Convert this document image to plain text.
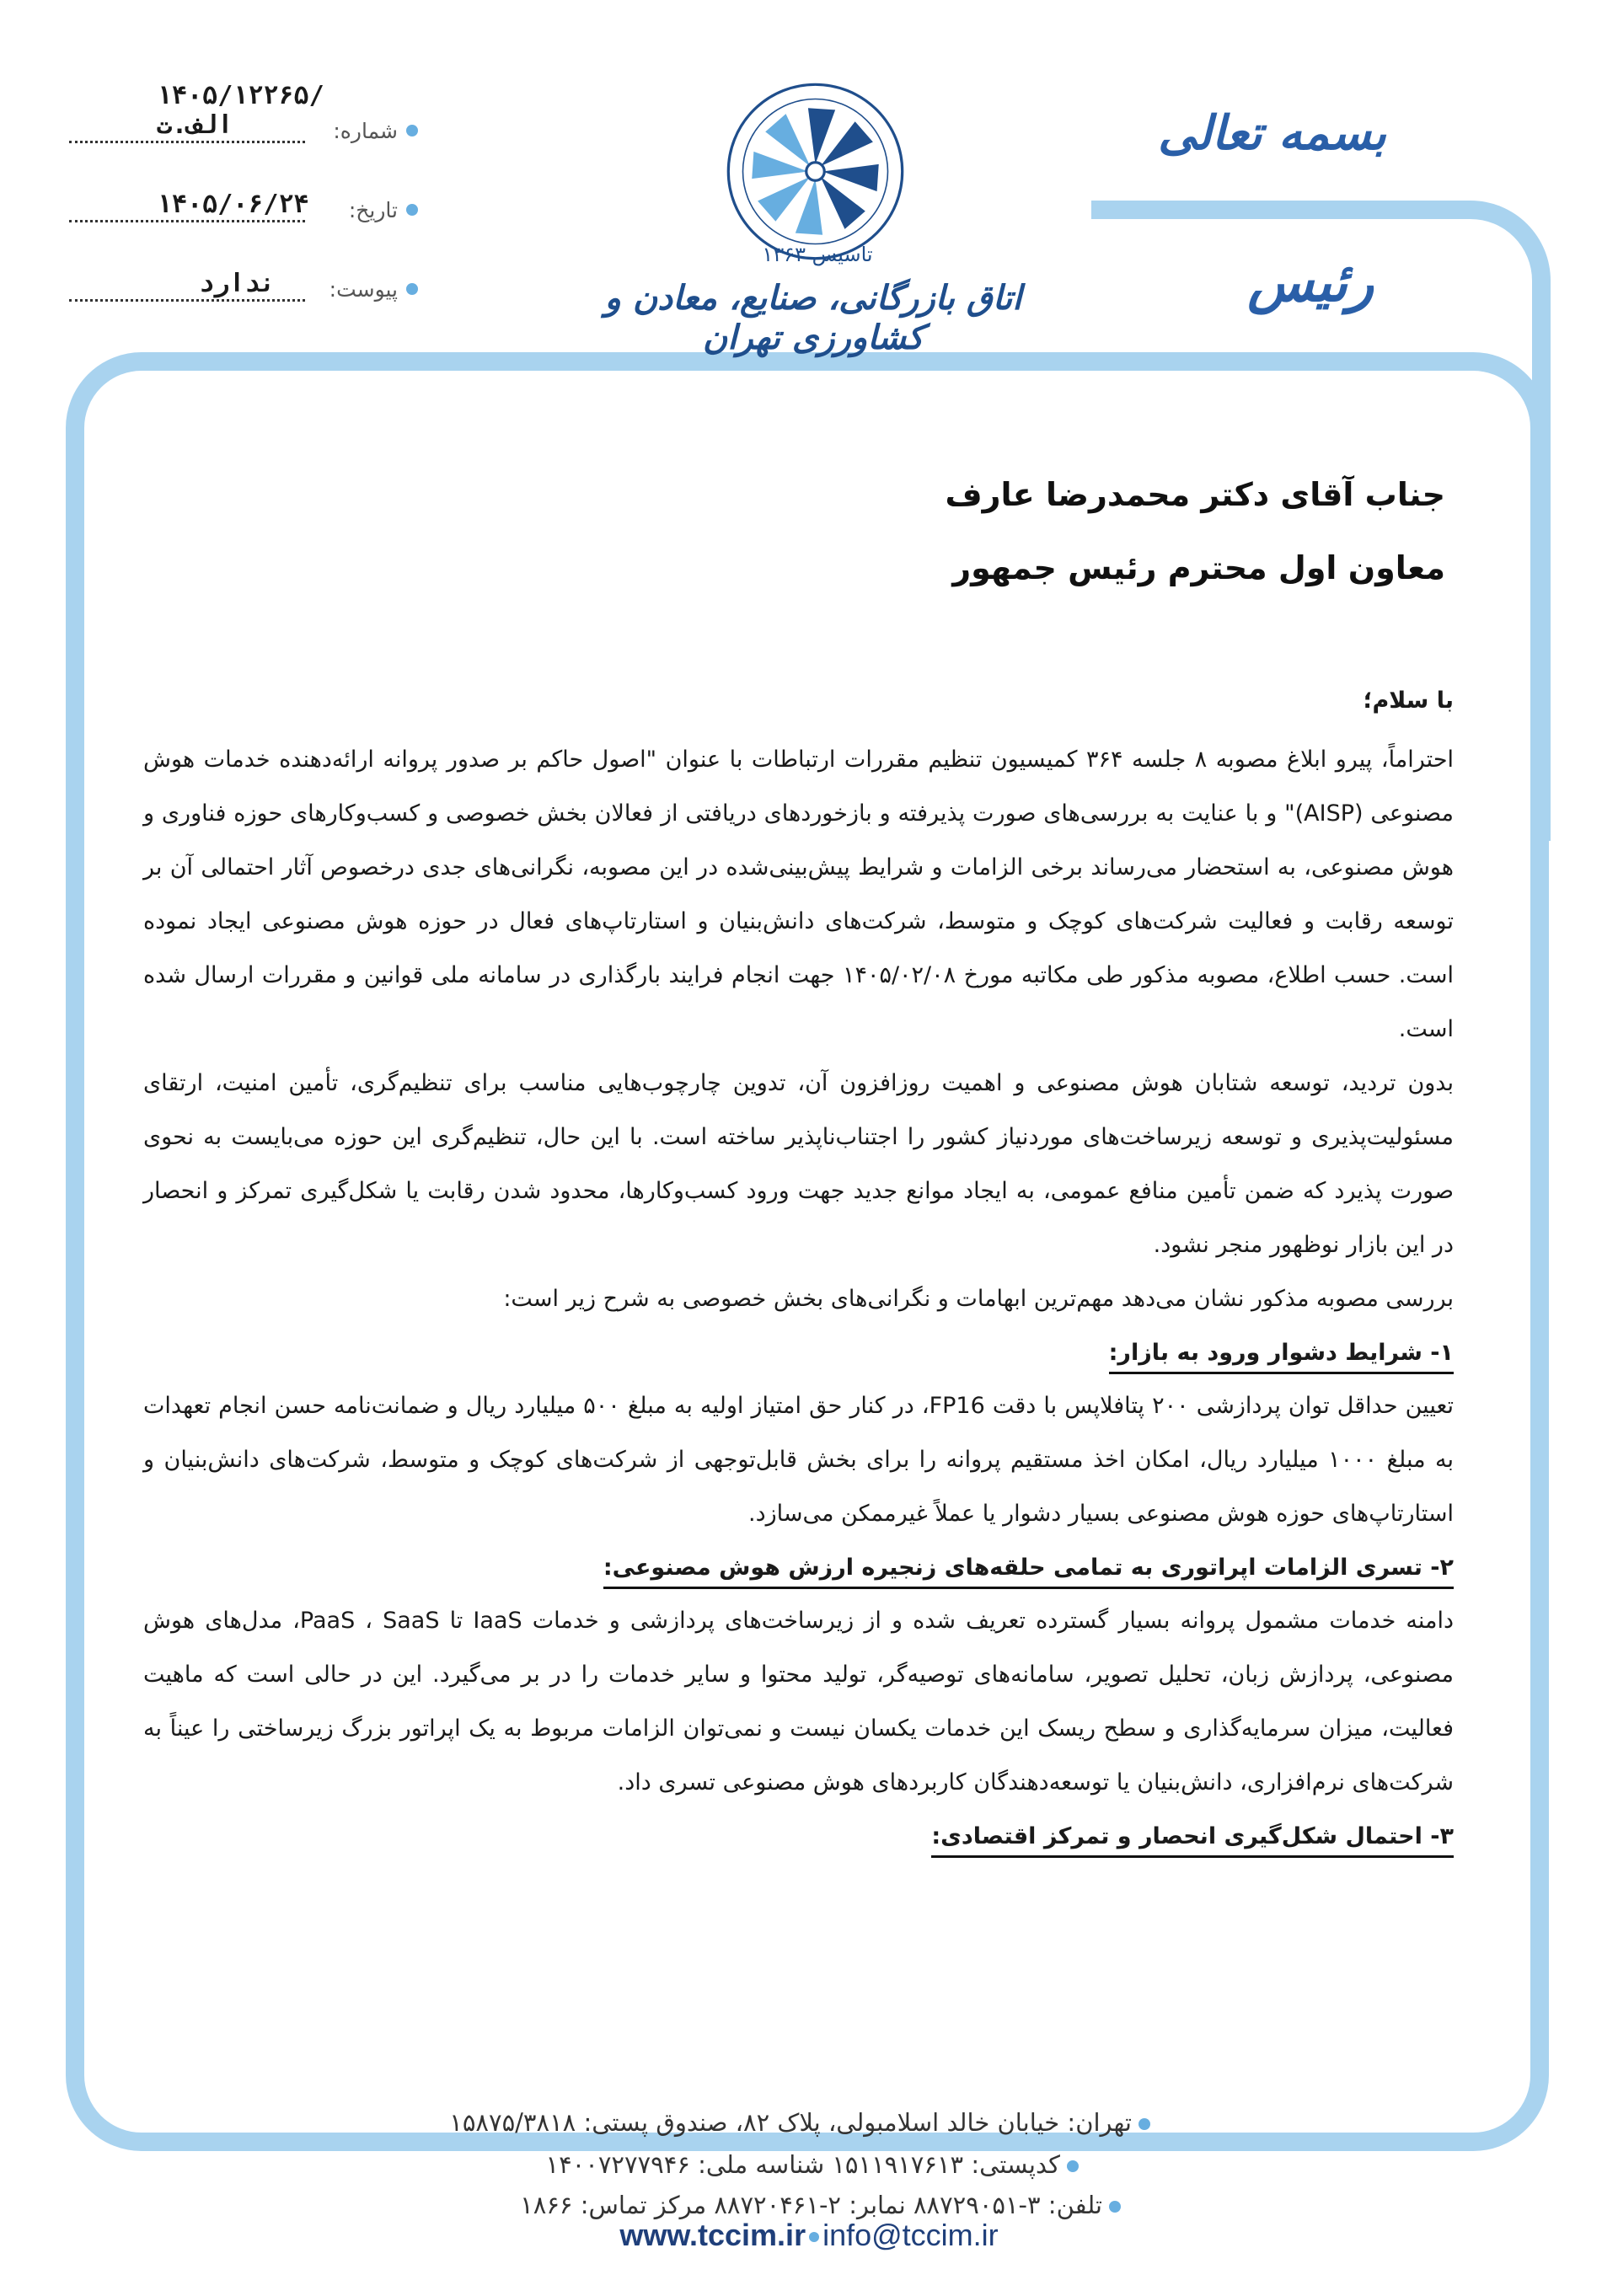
۱۴۰۵/۱۲۲۶۵/الف.ت	شماره:
۱۴۰۵/۰۶/۲۴ تاریخ:
ندارد	پیوست:
تاسیس ۱۳۶۳
اتاق بازرگانی، صنایع، معادن و کشاورزی تهران
بسمه تعالی
رئیس
جناب آقای دکتر محمدرضا عارف
معاون اول محترم رئیس جمهور

با سلام؛

احتراماً، پیرو ابلاغ مصوبه ۸ جلسه ۳۶۴ کمیسیون تنظیم مقررات ارتباطات با عنوان "اصول حاکم بر صدور پروانه ارائه‌دهنده خدمات هوش مصنوعی (AISP)" و با عنایت به بررسی‌های صورت پذیرفته و بازخوردهای دریافتی از فعالان بخش خصوصی و کسب‌وکارهای حوزه فناوری و هوش مصنوعی، به استحضار می‌رساند برخی الزامات و شرایط پیش‌بینی‌شده در این مصوبه، نگرانی‌های جدی درخصوص آثار احتمالی آن بر توسعه رقابت و فعالیت شرکت‌های کوچک و متوسط، شرکت‌های دانش‌بنیان و استارتاپ‌های فعال در حوزه هوش مصنوعی ایجاد نموده است. حسب اطلاع، مصوبه مذکور طی مکاتبه مورخ ۱۴۰۵/۰۲/۰۸ جهت انجام فرایند بارگذاری در سامانه ملی قوانین و مقررات ارسال شده است.

بدون تردید، توسعه شتابان هوش مصنوعی و اهمیت روزافزون آن، تدوین چارچوب‌هایی مناسب برای تنظیم‌گری، تأمین امنیت، ارتقای مسئولیت‌پذیری و توسعه زیرساخت‌های موردنیاز کشور را اجتناب‌ناپذیر ساخته است. با این حال، تنظیم‌گری این حوزه می‌بایست به نحوی صورت پذیرد که ضمن تأمین منافع عمومی، به ایجاد موانع جدید جهت ورود کسب‌وکارها، محدود شدن رقابت یا شکل‌گیری تمرکز و انحصار در این بازار نوظهور منجر نشود.

بررسی مصوبه مذکور نشان می‌دهد مهم‌ترین ابهامات و نگرانی‌های بخش خصوصی به شرح زیر است:

۱- شرایط دشوار ورود به بازار:

تعیین حداقل توان پردازشی ۲۰۰ پتافلاپس با دقت FP16، در کنار حق امتیاز اولیه به مبلغ ۵۰۰ میلیارد ریال و ضمانت‌نامه حسن انجام تعهدات به مبلغ ۱۰۰۰ میلیارد ریال، امکان اخذ مستقیم پروانه را برای بخش قابل‌توجهی از شرکت‌های کوچک و متوسط، شرکت‌های دانش‌بنیان و استارتاپ‌های حوزه هوش مصنوعی بسیار دشوار یا عملاً غیرممکن می‌سازد.

۲- تسری الزامات اپراتوری به تمامی حلقه‌های زنجیره ارزش هوش مصنوعی:

دامنه خدمات مشمول پروانه بسیار گسترده تعریف شده و از زیرساخت‌های پردازشی و خدمات IaaS تا PaaS ، SaaS، مدل‌های هوش مصنوعی، پردازش زبان، تحلیل تصویر، سامانه‌های توصیه‌گر، تولید محتوا و سایر خدمات را در بر می‌گیرد. این در حالی است که ماهیت فعالیت، میزان سرمایه‌گذاری و سطح ریسک این خدمات یکسان نیست و نمی‌توان الزامات مربوط به یک اپراتور بزرگ زیرساختی را عیناً به شرکت‌های نرم‌افزاری، دانش‌بنیان یا توسعه‌دهندگان کاربردهای هوش مصنوعی تسری داد.

۳- احتمال شکل‌گیری انحصار و تمرکز اقتصادی:
تهران: خیابان خالد اسلامبولی، پلاک ۸۲، صندوق پستی: ۱۵۸۷۵/۳۸۱۸
کدپستی: ۱۵۱۱۹۱۷۶۱۳ شناسه ملی: ۱۴۰۰۷۲۷۷۹۴۶
تلفن: ۳-۸۸۷۲۹۰۵۱ نمابر: ۲-۸۸۷۲۰۴۶۱ مرکز تماس: ۱۸۶۶
www.tccim.ir info@tccim.ir
